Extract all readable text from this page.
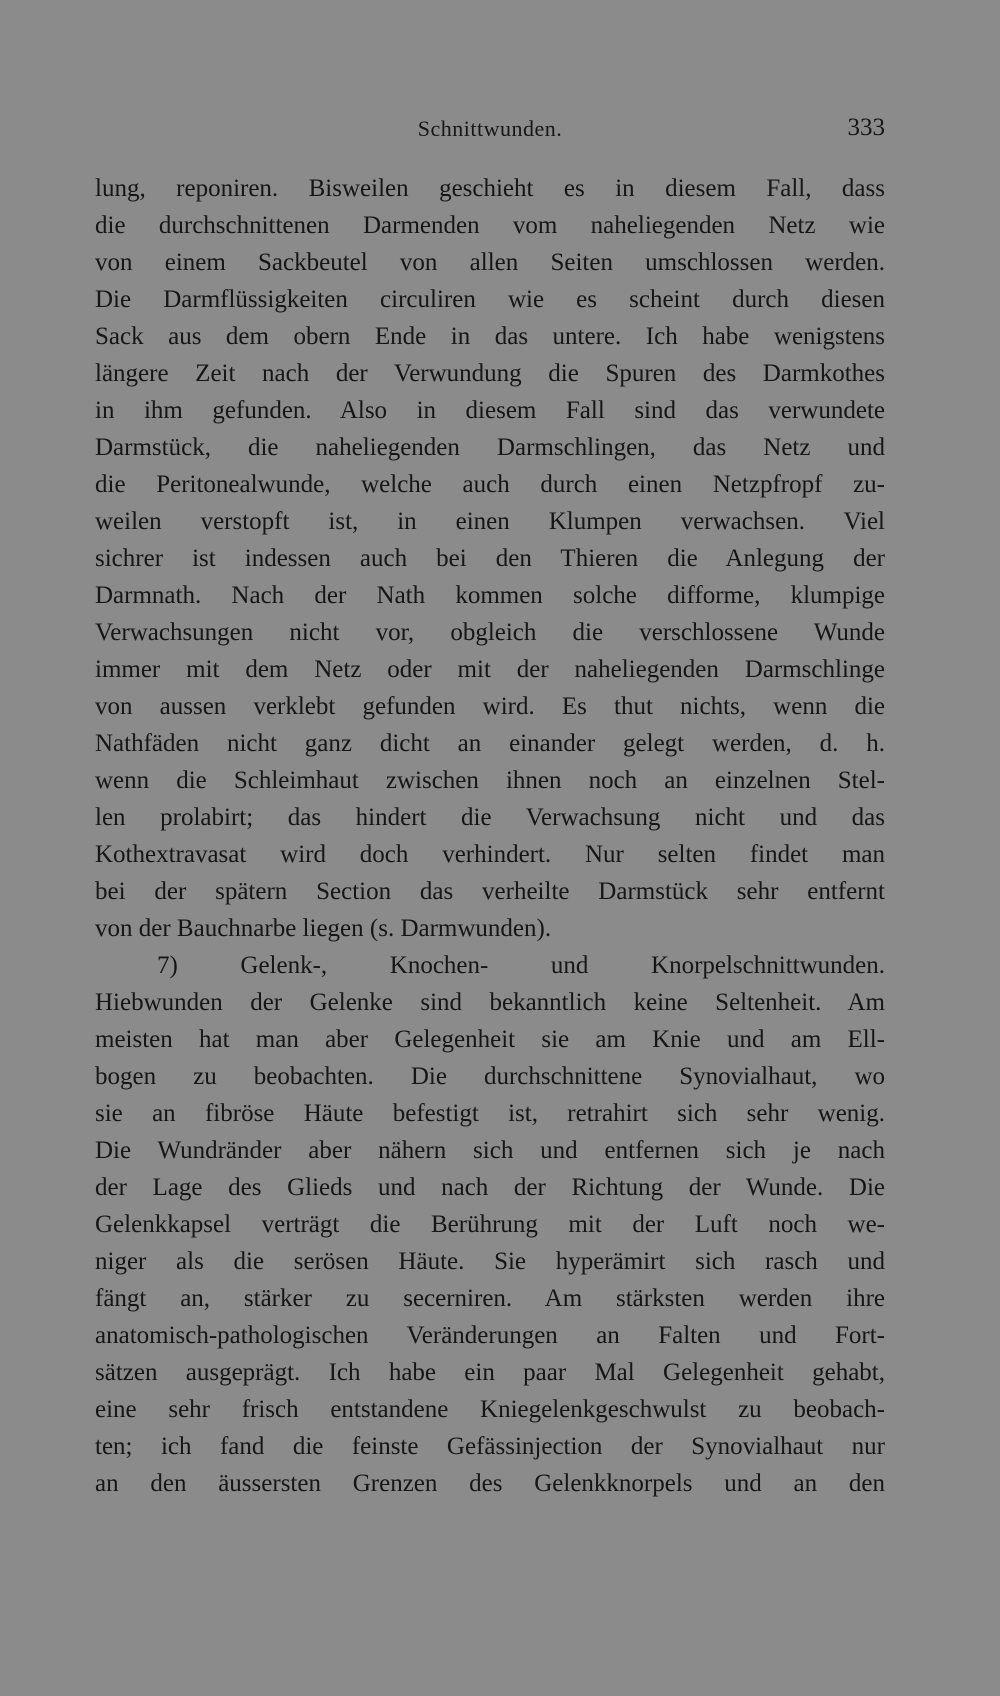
Schnittwunden.	333
lung, reponiren. Bisweilen geschieht es in diesem Fall, dass
die durchschnittenen Darmenden vom naheliegenden Netz wie
von einem Sackbeutel von allen Seiten umschlossen werden.
Die Darmflüssigkeiten circuliren wie es scheint durch diesen
Sack aus dem obern Ende in das untere. Ich habe wenigstens
längere Zeit nach der Verwundung die Spuren des Darmkothes
in ihm gefunden. Also in diesem Fall sind das verwundete
Darmstück, die naheliegenden Darmschlingen, das Netz und
die Peritonealwunde, welche auch durch einen Netzpfropf zu-
weilen verstopft ist, in einen Klumpen verwachsen. Viel
sichrer ist indessen auch bei den Thieren die Anlegung der
Darmnath. Nach der Nath kommen solche difforme, klumpige
Verwachsungen nicht vor, obgleich die verschlossene Wunde
immer mit dem Netz oder mit der naheliegenden Darmschlinge
von aussen verklebt gefunden wird. Es thut nichts, wenn die
Nathfäden nicht ganz dicht an einander gelegt werden, d. h.
wenn die Schleimhaut zwischen ihnen noch an einzelnen Stel-
len prolabirt; das hindert die Verwachsung nicht und das
Kothextravasat wird doch verhindert. Nur selten findet man
bei der spätern Section das verheilte Darmstück sehr entfernt
von der Bauchnarbe liegen (s. Darmwunden).
7) Gelenk-, Knochen- und Knorpelschnittwunden.
Hiebwunden der Gelenke sind bekanntlich keine Seltenheit. Am
meisten hat man aber Gelegenheit sie am Knie und am Ell-
bogen zu beobachten. Die durchschnittene Synovialhaut, wo
sie an fibröse Häute befestigt ist, retrahirt sich sehr wenig.
Die Wundränder aber nähern sich und entfernen sich je nach
der Lage des Glieds und nach der Richtung der Wunde. Die
Gelenkkapsel verträgt die Berührung mit der Luft noch we-
niger als die serösen Häute. Sie hyperämirt sich rasch und
fängt an, stärker zu secerniren. Am stärksten werden ihre
anatomisch-pathologischen Veränderungen an Falten und Fort-
sätzen ausgeprägt. Ich habe ein paar Mal Gelegenheit gehabt,
eine sehr frisch entstandene Kniegelenkgeschwulst zu beobach-
ten; ich fand die feinste Gefässinjection der Synovialhaut nur
an den äussersten Grenzen des Gelenkknorpels und an den
